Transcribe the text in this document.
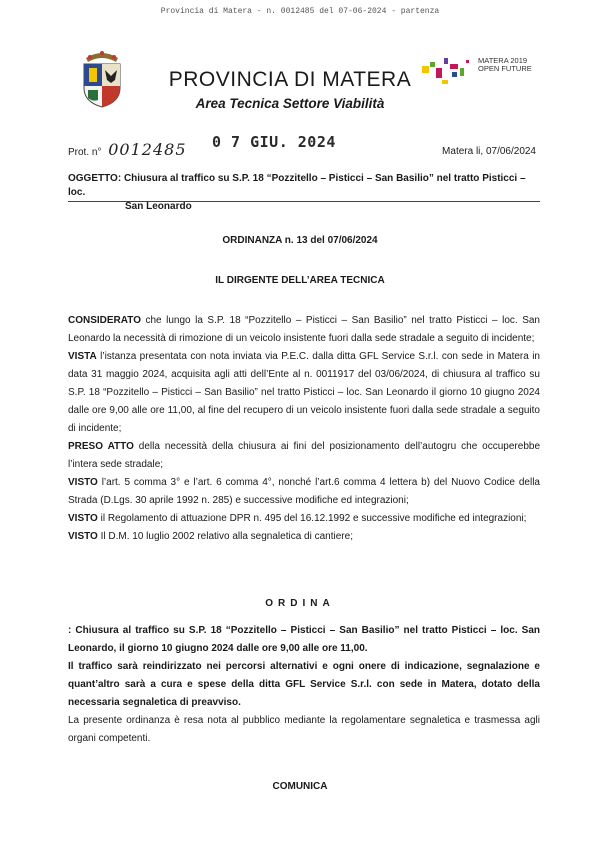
Provincia di Matera - n. 0012485 del 07-06-2024 - partenza
PROVINCIA DI MATERA
Area Tecnica Settore Viabilità
MATERA 2019
OPEN FUTURE
Prot. n° 0012485 0 7 GIU. 2024
Matera li, 07/06/2024
OGGETTO: Chiusura al traffico su S.P. 18 “Pozzitello – Pisticci – San Basilio” nel tratto Pisticci – loc.
San Leonardo
ORDINANZA n. 13 del 07/06/2024
IL DIRGENTE DELL’AREA TECNICA

CONSIDERATO che lungo la S.P. 18 “Pozzitello – Pisticci – San Basilio” nel tratto Pisticci – loc. San Leonardo la necessità di rimozione di un veicolo insistente fuori dalla sede stradale a seguito di incidente;

VISTA l’istanza presentata con nota inviata via P.E.C. dalla ditta GFL Service S.r.l. con sede in Matera in data 31 maggio 2024, acquisita agli atti dell’Ente al n. 0011917 del 03/06/2024, di chiusura al traffico su S.P. 18 “Pozzitello – Pisticci – San Basilio” nel tratto Pisticci – loc. San Leonardo il giorno 10 giugno 2024 dalle ore 9,00 alle ore 11,00, al fine del recupero di un veicolo insistente fuori dalla sede stradale a seguito di incidente;

PRESO ATTO della necessità della chiusura ai fini del posizionamento dell’autogru che occuperebbe l’intera sede stradale;

VISTO l’art. 5 comma 3° e l’art. 6 comma 4°, nonché l’art.6 comma 4 lettera b) del Nuovo Codice della Strada (D.Lgs. 30 aprile 1992 n. 285) e successive modifiche ed integrazioni;

VISTO il Regolamento di attuazione DPR n. 495 del 16.12.1992 e successive modifiche ed integrazioni;

VISTO Il D.M. 10 luglio 2002 relativo alla segnaletica di cantiere;

ORDINA

: Chiusura al traffico su S.P. 18 “Pozzitello – Pisticci – San Basilio” nel tratto Pisticci – loc. San Leonardo, il giorno 10 giugno 2024 dalle ore 9,00 alle ore 11,00.

Il traffico sarà reindirizzato nei percorsi alternativi e ogni onere di indicazione, segnalazione e quant’altro sarà a cura e spese della ditta GFL Service S.r.l. con sede in Matera, dotato della necessaria segnaletica di preavviso.

La presente ordinanza è resa nota al pubblico mediante la regolamentare segnaletica e trasmessa agli organi competenti.

COMUNICA
